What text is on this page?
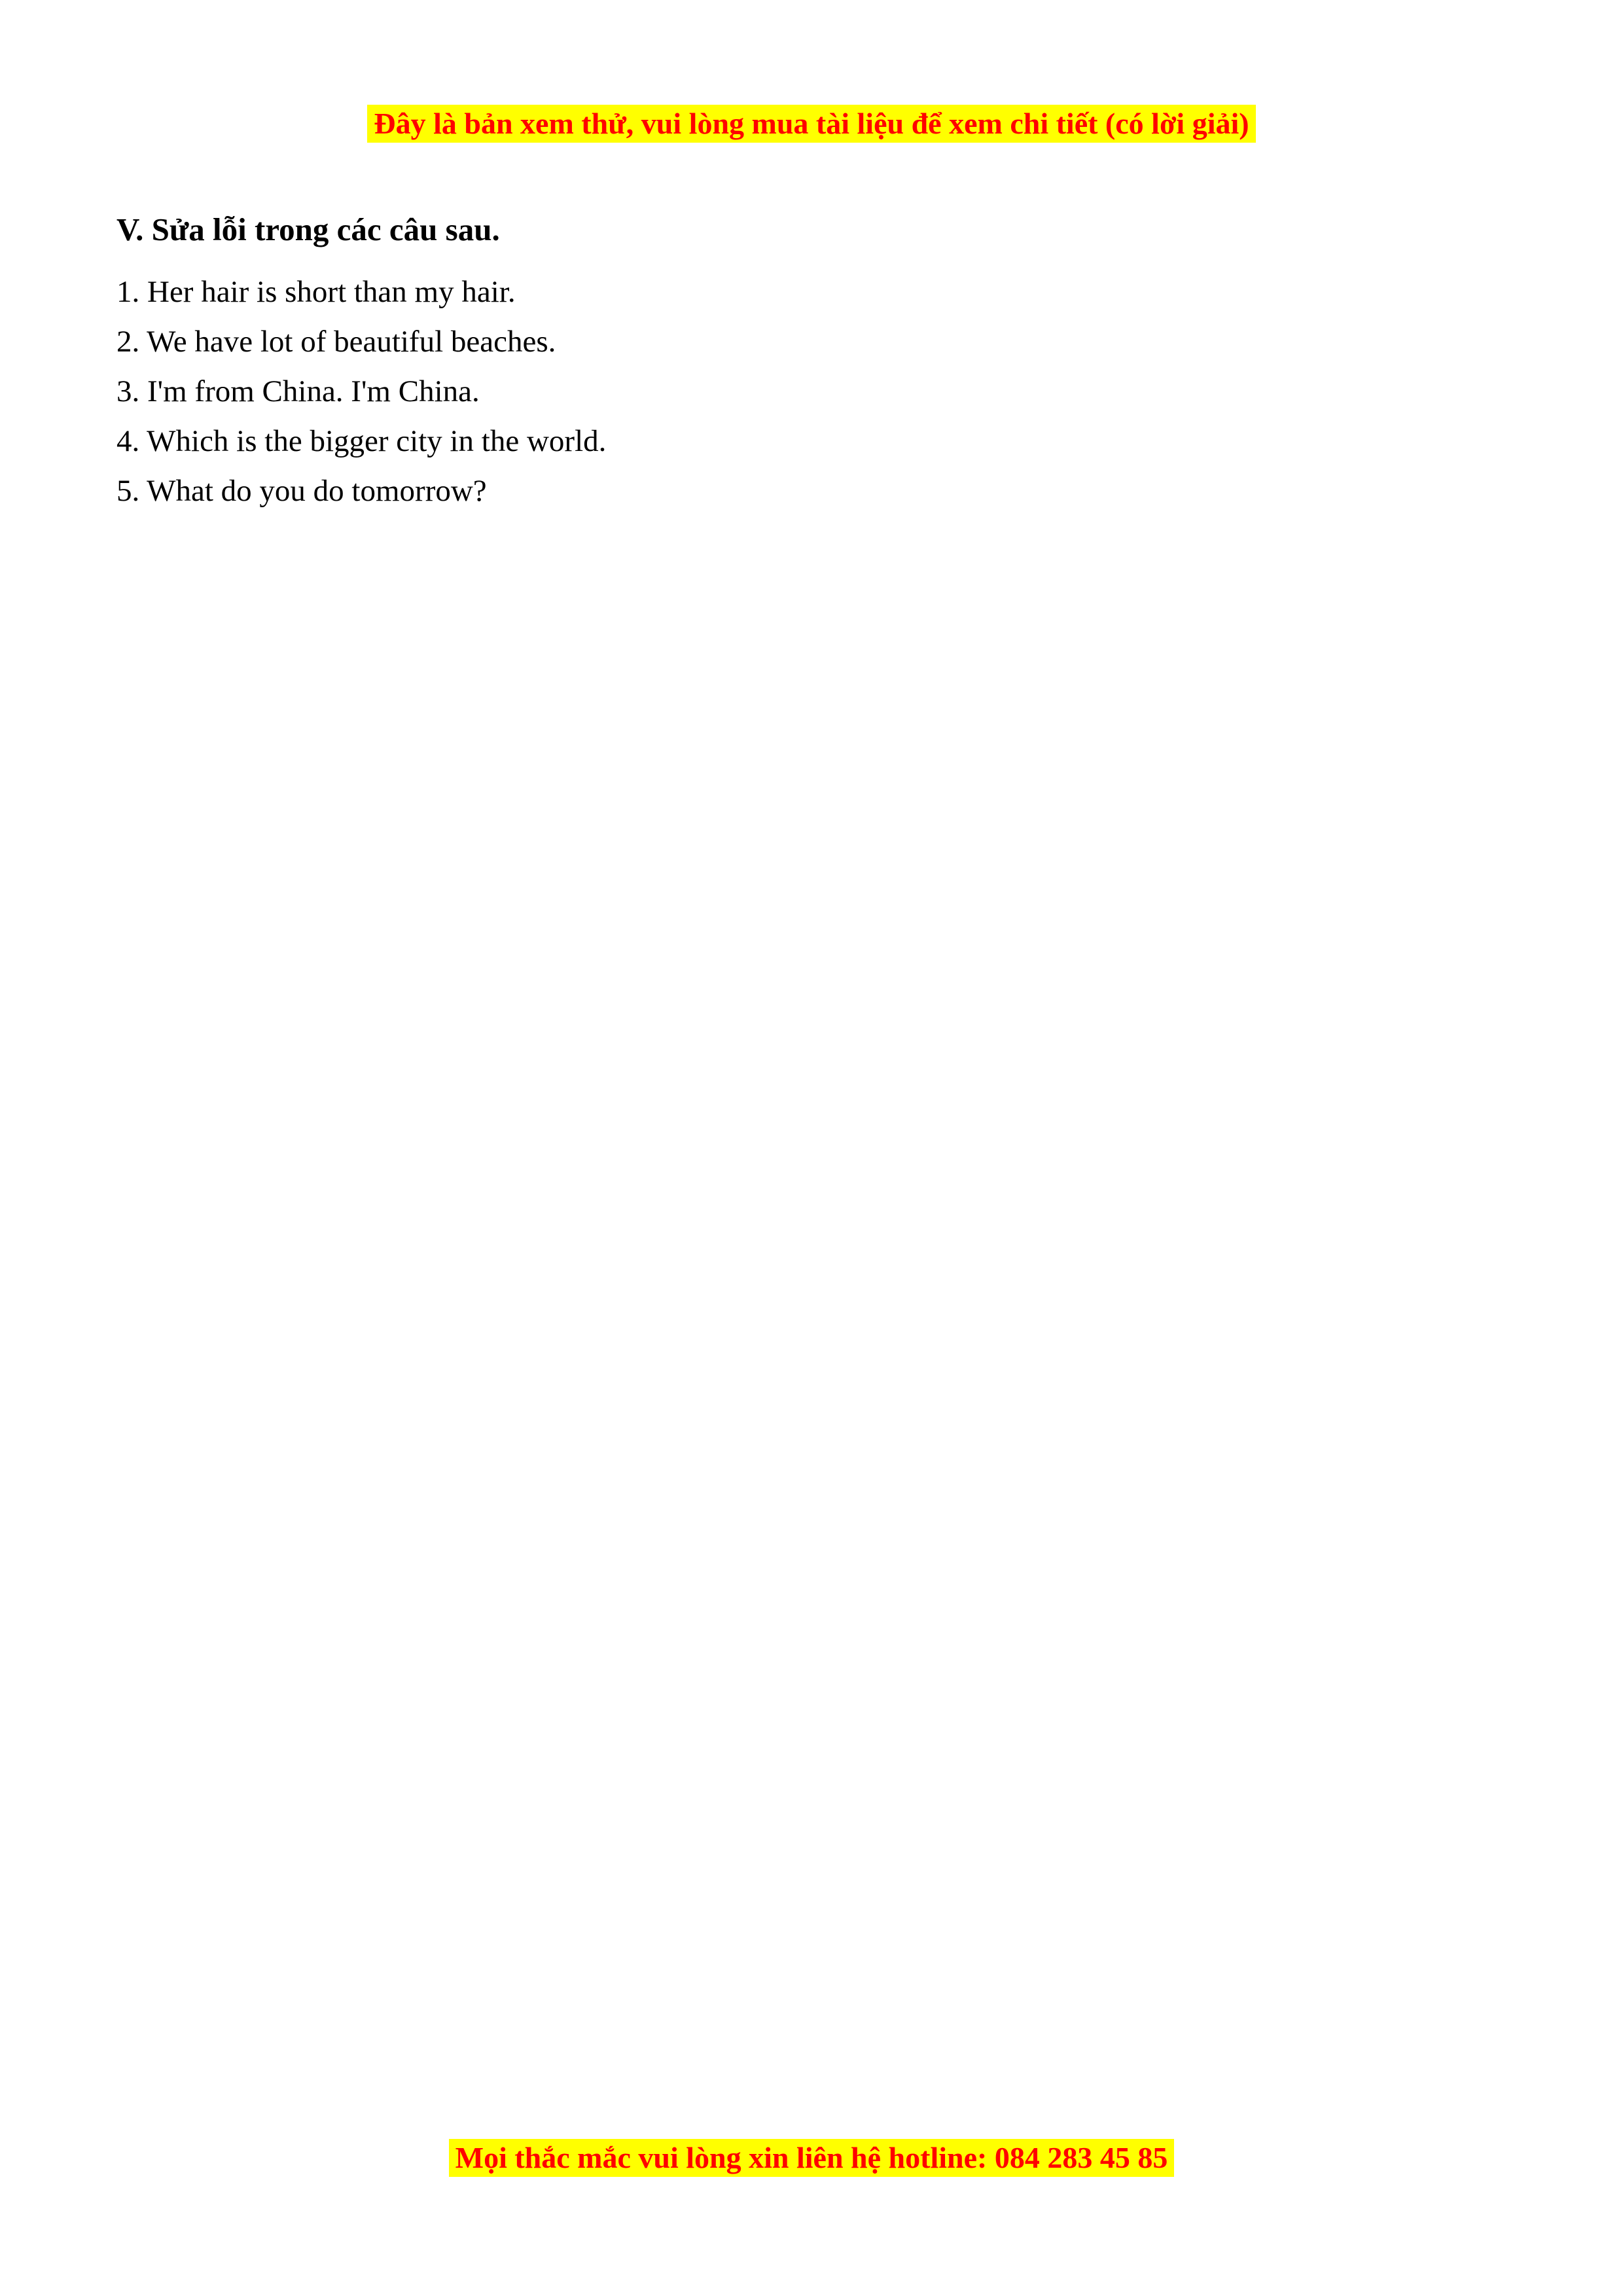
Đây là bản xem thử, vui lòng mua tài liệu để xem chi tiết (có lời giải)

V. Sửa lỗi trong các câu sau.

1. Her hair is short than my hair.

2. We have lot of beautiful beaches.

3. I'm from China. I'm China.

4. Which is the bigger city in the world.

5. What do you do tomorrow?

Mọi thắc mắc vui lòng xin liên hệ hotline: 084 283 45 85
